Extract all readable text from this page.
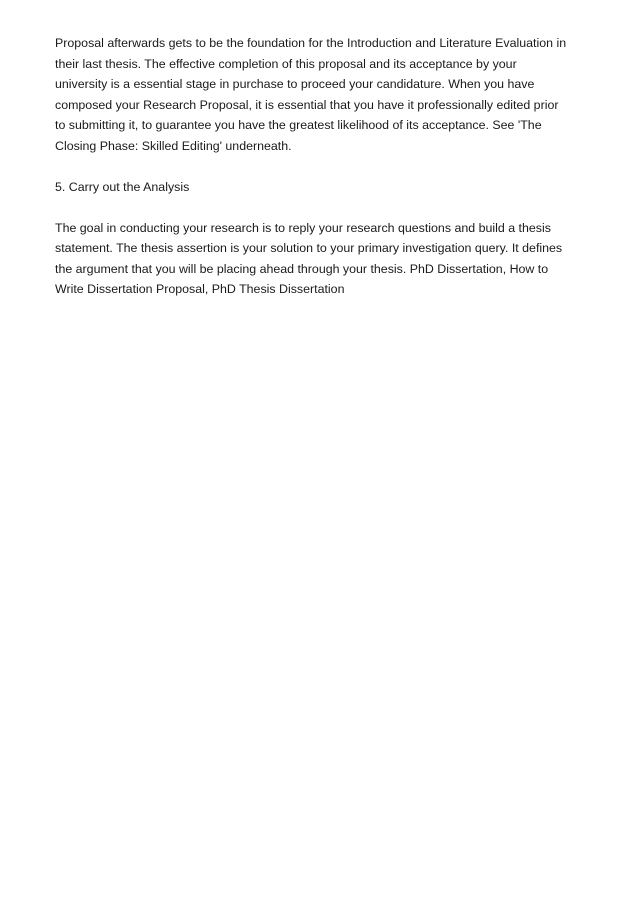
Proposal afterwards gets to be the foundation for the Introduction and Literature Evaluation in
their last thesis. The effective completion of this proposal and its acceptance by your
university is a essential stage in purchase to proceed your candidature. When you have
composed your Research Proposal, it is essential that you have it professionally edited prior
to submitting it, to guarantee you have the greatest likelihood of its acceptance. See 'The
Closing Phase: Skilled Editing' underneath.
5. Carry out the Analysis
The goal in conducting your research is to reply your research questions and build a thesis
statement. The thesis assertion is your solution to your primary investigation query. It defines
the argument that you will be placing ahead through your thesis. PhD Dissertation, How to
Write Dissertation Proposal, PhD Thesis Dissertation
